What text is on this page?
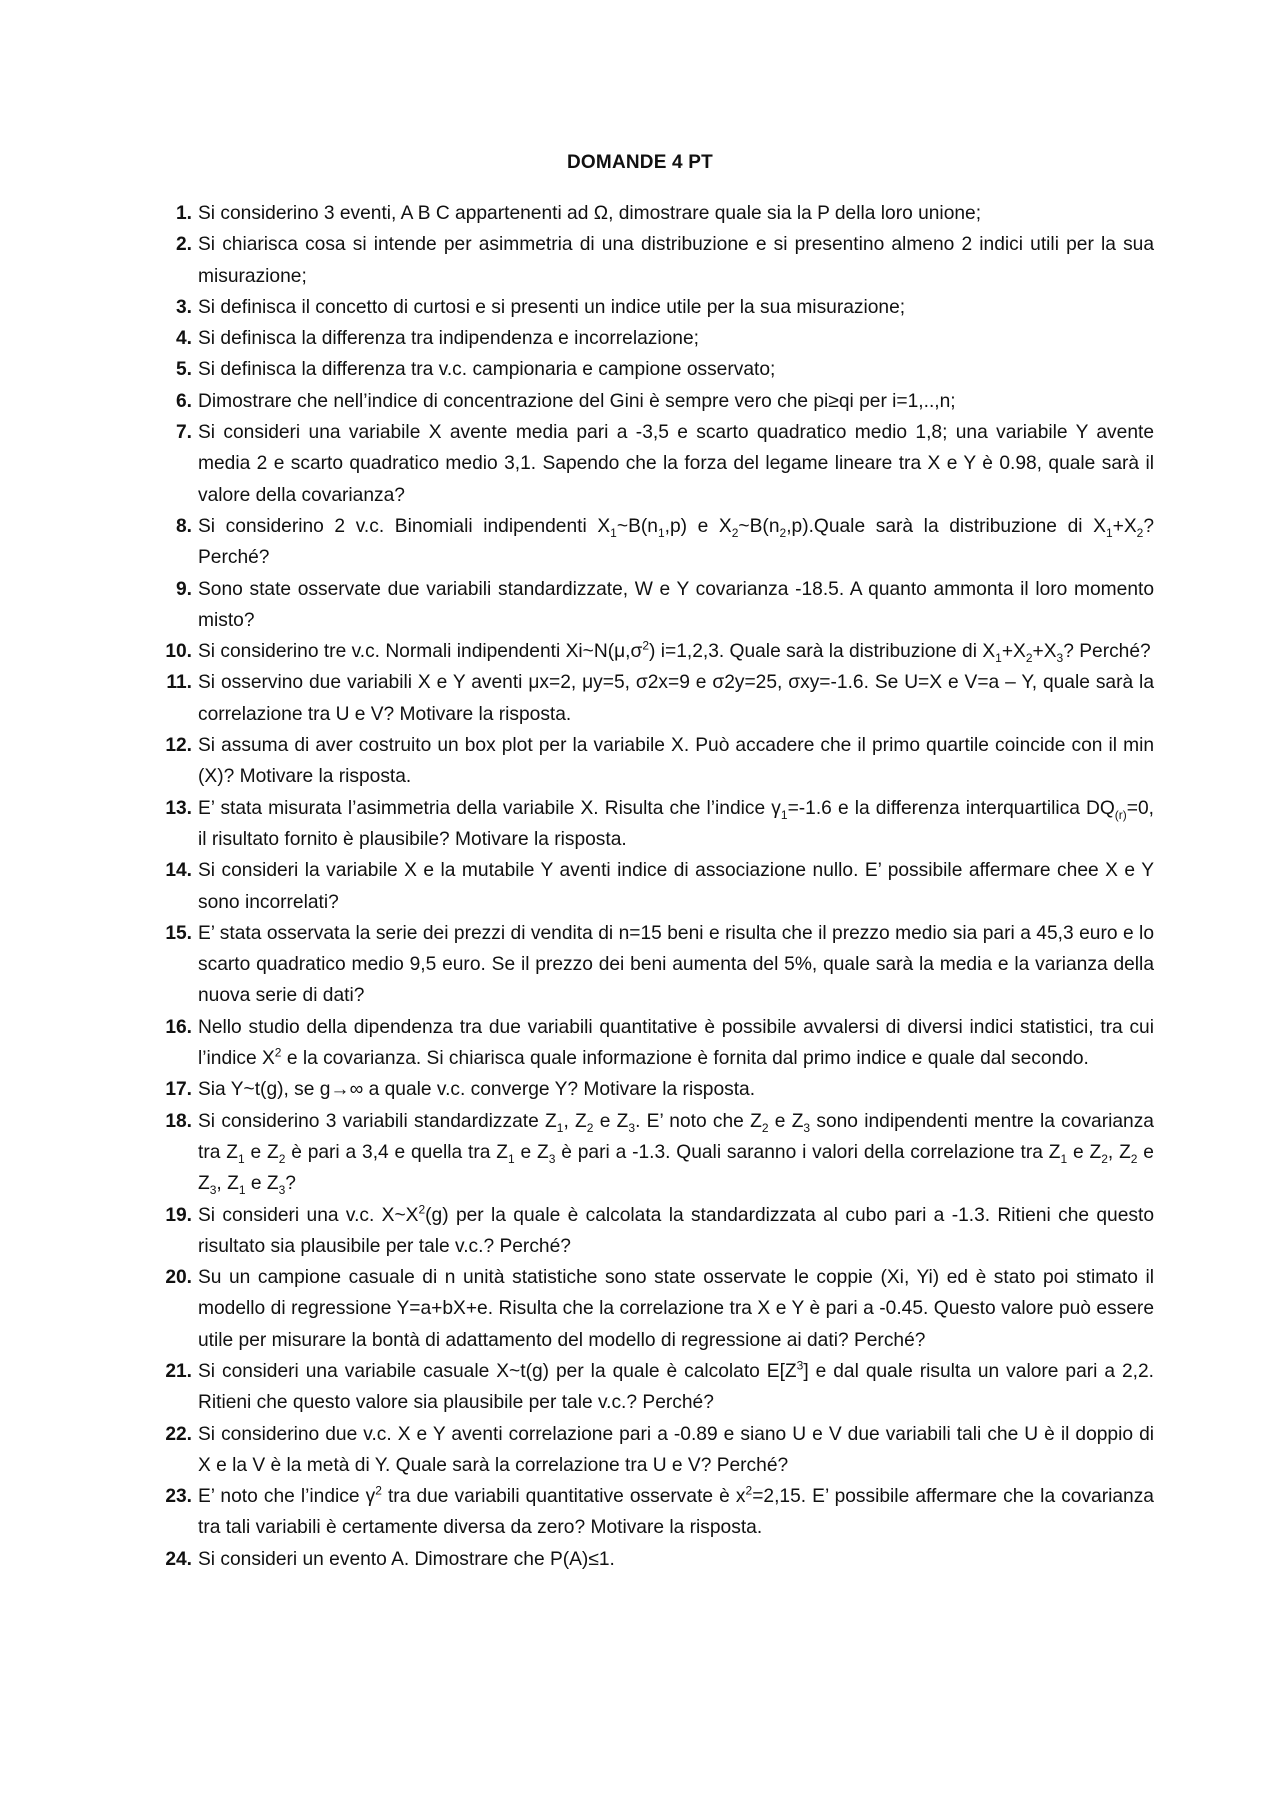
DOMANDE 4 PT
1. Si considerino 3 eventi, A B C appartenenti ad Ω, dimostrare quale sia la P della loro unione;
2. Si chiarisca cosa si intende per asimmetria di una distribuzione e si presentino almeno 2 indici utili per la sua misurazione;
3. Si definisca il concetto di curtosi e si presenti un indice utile per la sua misurazione;
4. Si definisca la differenza tra indipendenza e incorrelazione;
5. Si definisca la differenza tra v.c. campionaria e campione osservato;
6. Dimostrare che nell’indice di concentrazione del Gini è sempre vero che pi≥qi per i=1,..,n;
7. Si consideri una variabile X avente media pari a -3,5 e scarto quadratico medio 1,8; una variabile Y avente media 2 e scarto quadratico medio 3,1. Sapendo che la forza del legame lineare tra X e Y è 0.98, quale sarà il valore della covarianza?
8. Si considerino 2 v.c. Binomiali indipendenti $X_1\sim B(n_1,p)$ e $X_2\sim B(n_2,p).Quale$ sarà la distribuzione di $X_1+X_2$? Perché?
9. Sono state osservate due variabili standardizzate, W e Y covarianza -18.5. A quanto ammonta il loro momento misto?
10. Si considerino tre v.c. Normali indipendenti $Xi\sim N(\mu,\sigma^2)$ i=1,2,3. Quale sarà la distribuzione di $X_1+X_2+X_3$? Perché?
11. Si osservino due variabili X e Y aventi μx=2, μy=5, σ2x=9 e σ2y=25, σxy=-1.6. Se U=X e V=a – Y, quale sarà la correlazione tra U e V? Motivare la risposta.
12. Si assuma di aver costruito un box plot per la variabile X. Può accadere che il primo quartile coincide con il min (X)? Motivare la risposta.
13. E’ stata misurata l’asimmetria della variabile X. Risulta che l’indice $\gamma_1=-1.6$ e la differenza interquartilica $DQ_{(r)}=0$, il risultato fornito è plausibile? Motivare la risposta.
14. Si consideri la variabile X e la mutabile Y aventi indice di associazione nullo. E’ possibile affermare chee X e Y sono incorrelati?
15. E’ stata osservata la serie dei prezzi di vendita di n=15 beni e risulta che il prezzo medio sia pari a 45,3 euro e lo scarto quadratico medio 9,5 euro. Se il prezzo dei beni aumenta del 5%, quale sarà la media e la varianza della nuova serie di dati?
16. Nello studio della dipendenza tra due variabili quantitative è possibile avvalersi di diversi indici statistici, tra cui l’indice $X^2$ e la covarianza. Si chiarisca quale informazione è fornita dal primo indice e quale dal secondo.
17. Sia Y~t(g), se g→∞ a quale v.c. converge Y? Motivare la risposta.
18. Si considerino 3 variabili standardizzate $Z_1$, $Z_2$ e $Z_3$. E’ noto che $Z_2$ e $Z_3$ sono indipendenti mentre la covarianza tra $Z_1$ e $Z_2$ è pari a 3,4 e quella tra $Z_1$ e $Z_3$ è pari a -1.3. Quali saranno i valori della correlazione tra $Z_1$ e $Z_2$, $Z_2$ e $Z_3$, $Z_1$ e $Z_3$?
19. Si consideri una v.c. $X\sim X^2(g)$ per la quale è calcolata la standardizzata al cubo pari a -1.3. Ritieni che questo risultato sia plausibile per tale v.c.? Perché?
20. Su un campione casuale di n unità statistiche sono state osservate le coppie (Xi, Yi) ed è stato poi stimato il modello di regressione Y=a+bX+e. Risulta che la correlazione tra X e Y è pari a -0.45. Questo valore può essere utile per misurare la bontà di adattamento del modello di regressione ai dati? Perché?
21. Si consideri una variabile casuale X~t(g) per la quale è calcolato $E[Z^3]$ e dal quale risulta un valore pari a 2,2. Ritieni che questo valore sia plausibile per tale v.c.? Perché?
22. Si considerino due v.c. X e Y aventi correlazione pari a -0.89 e siano U e V due variabili tali che U è il doppio di X e la V è la metà di Y. Quale sarà la correlazione tra U e V? Perché?
23. E’ noto che l’indice $\gamma^2$ tra due variabili quantitative osservate è $x^2=2,15$. E’ possibile affermare che la covarianza tra tali variabili è certamente diversa da zero? Motivare la risposta.
24. Si consideri un evento A. Dimostrare che P(A)≤1.
